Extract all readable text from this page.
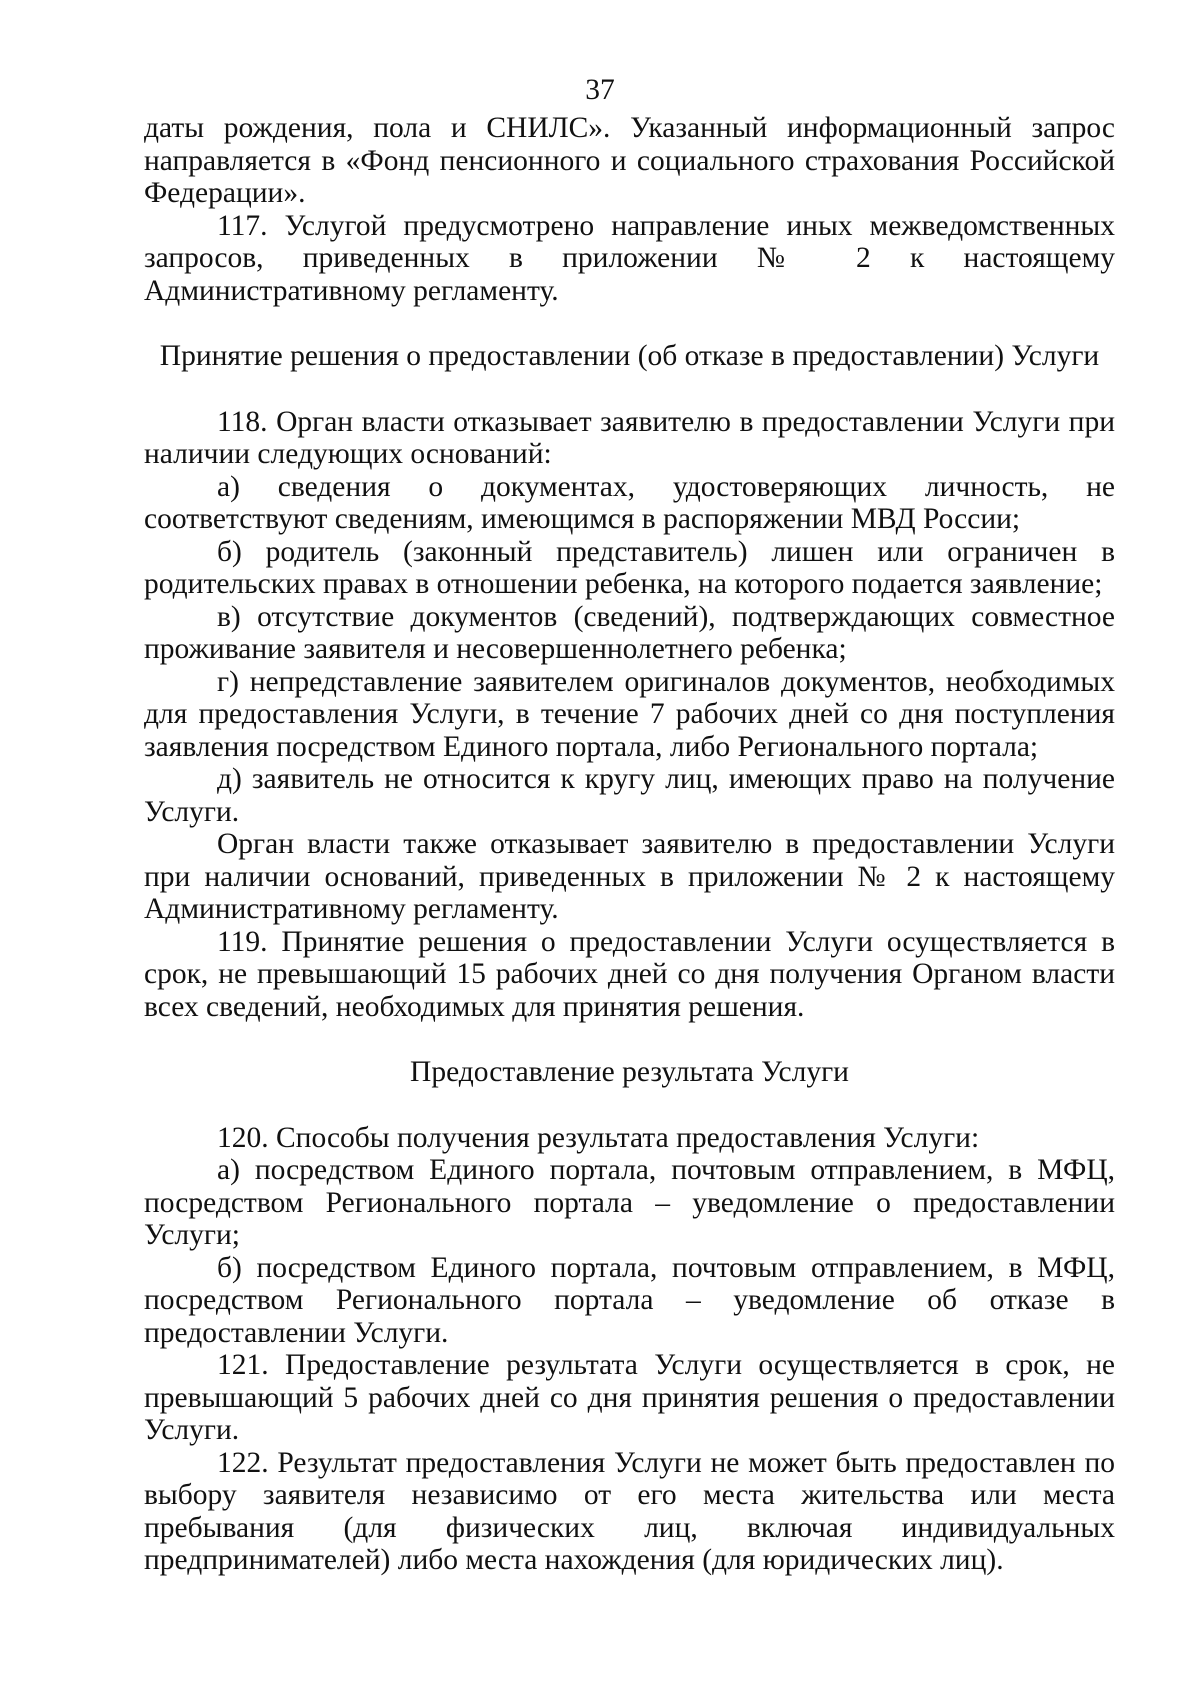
37

даты рождения, пола и СНИЛС». Указанный информационный запрос направляется в «Фонд пенсионного и социального страхования Российской Федерации».

117. Услугой предусмотрено направление иных межведомственных запросов, приведенных в приложении № 2 к настоящему Административному регламенту.

Принятие решения о предоставлении (об отказе в предоставлении) Услуги

118. Орган власти отказывает заявителю в предоставлении Услуги при наличии следующих оснований:

а) сведения о документах, удостоверяющих личность, не соответствуют сведениям, имеющимся в распоряжении МВД России;

б) родитель (законный представитель) лишен или ограничен в родительских правах в отношении ребенка, на которого подается заявление;

в) отсутствие документов (сведений), подтверждающих совместное проживание заявителя и несовершеннолетнего ребенка;

г) непредставление заявителем оригиналов документов, необходимых для предоставления Услуги, в течение 7 рабочих дней со дня поступления заявления посредством Единого портала, либо Регионального портала;

д) заявитель не относится к кругу лиц, имеющих право на получение Услуги.

Орган власти также отказывает заявителю в предоставлении Услуги при наличии оснований, приведенных в приложении № 2 к настоящему Административному регламенту.

119. Принятие решения о предоставлении Услуги осуществляется в срок, не превышающий 15 рабочих дней со дня получения Органом власти всех сведений, необходимых для принятия решения.

Предоставление результата Услуги

120. Способы получения результата предоставления Услуги:

а) посредством Единого портала, почтовым отправлением, в МФЦ, посредством Регионального портала – уведомление о предоставлении Услуги;

б) посредством Единого портала, почтовым отправлением, в МФЦ, посредством Регионального портала – уведомление об отказе в предоставлении Услуги.

121. Предоставление результата Услуги осуществляется в срок, не превышающий 5 рабочих дней со дня принятия решения о предоставлении Услуги.

122. Результат предоставления Услуги не может быть предоставлен по выбору заявителя независимо от его места жительства или места пребывания (для физических лиц, включая индивидуальных предпринимателей) либо места нахождения (для юридических лиц).
